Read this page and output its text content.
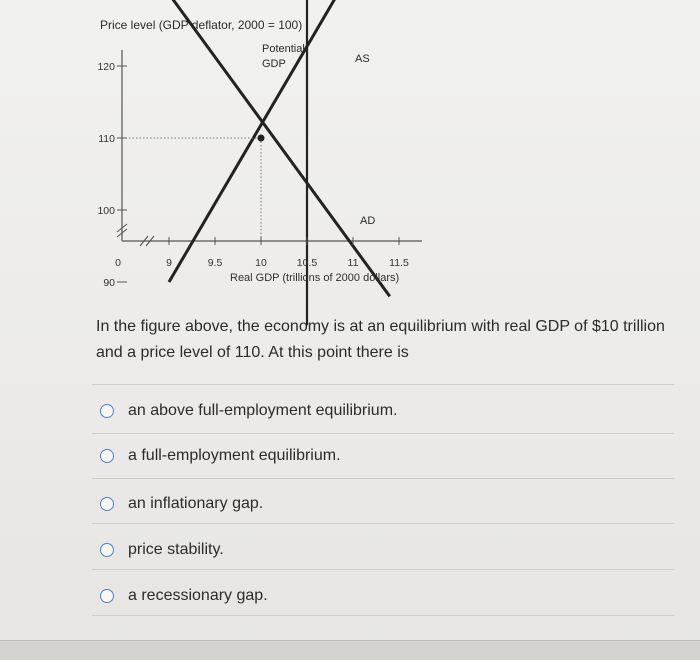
Price level (GDP deflator, 2000 = 100)
90
100
110
120
0	9	9.5	10	10.5	11	11.5
AS
AD
Potential
GDP
Real GDP (trillions of 2000 dollars)
In the figure above, the economy is at an equilibrium with real GDP of $10 trillion and a price level of 110. At this point there is
an above full-employment equilibrium.
a full-employment equilibrium.
an inflationary gap.
price stability.
a recessionary gap.
